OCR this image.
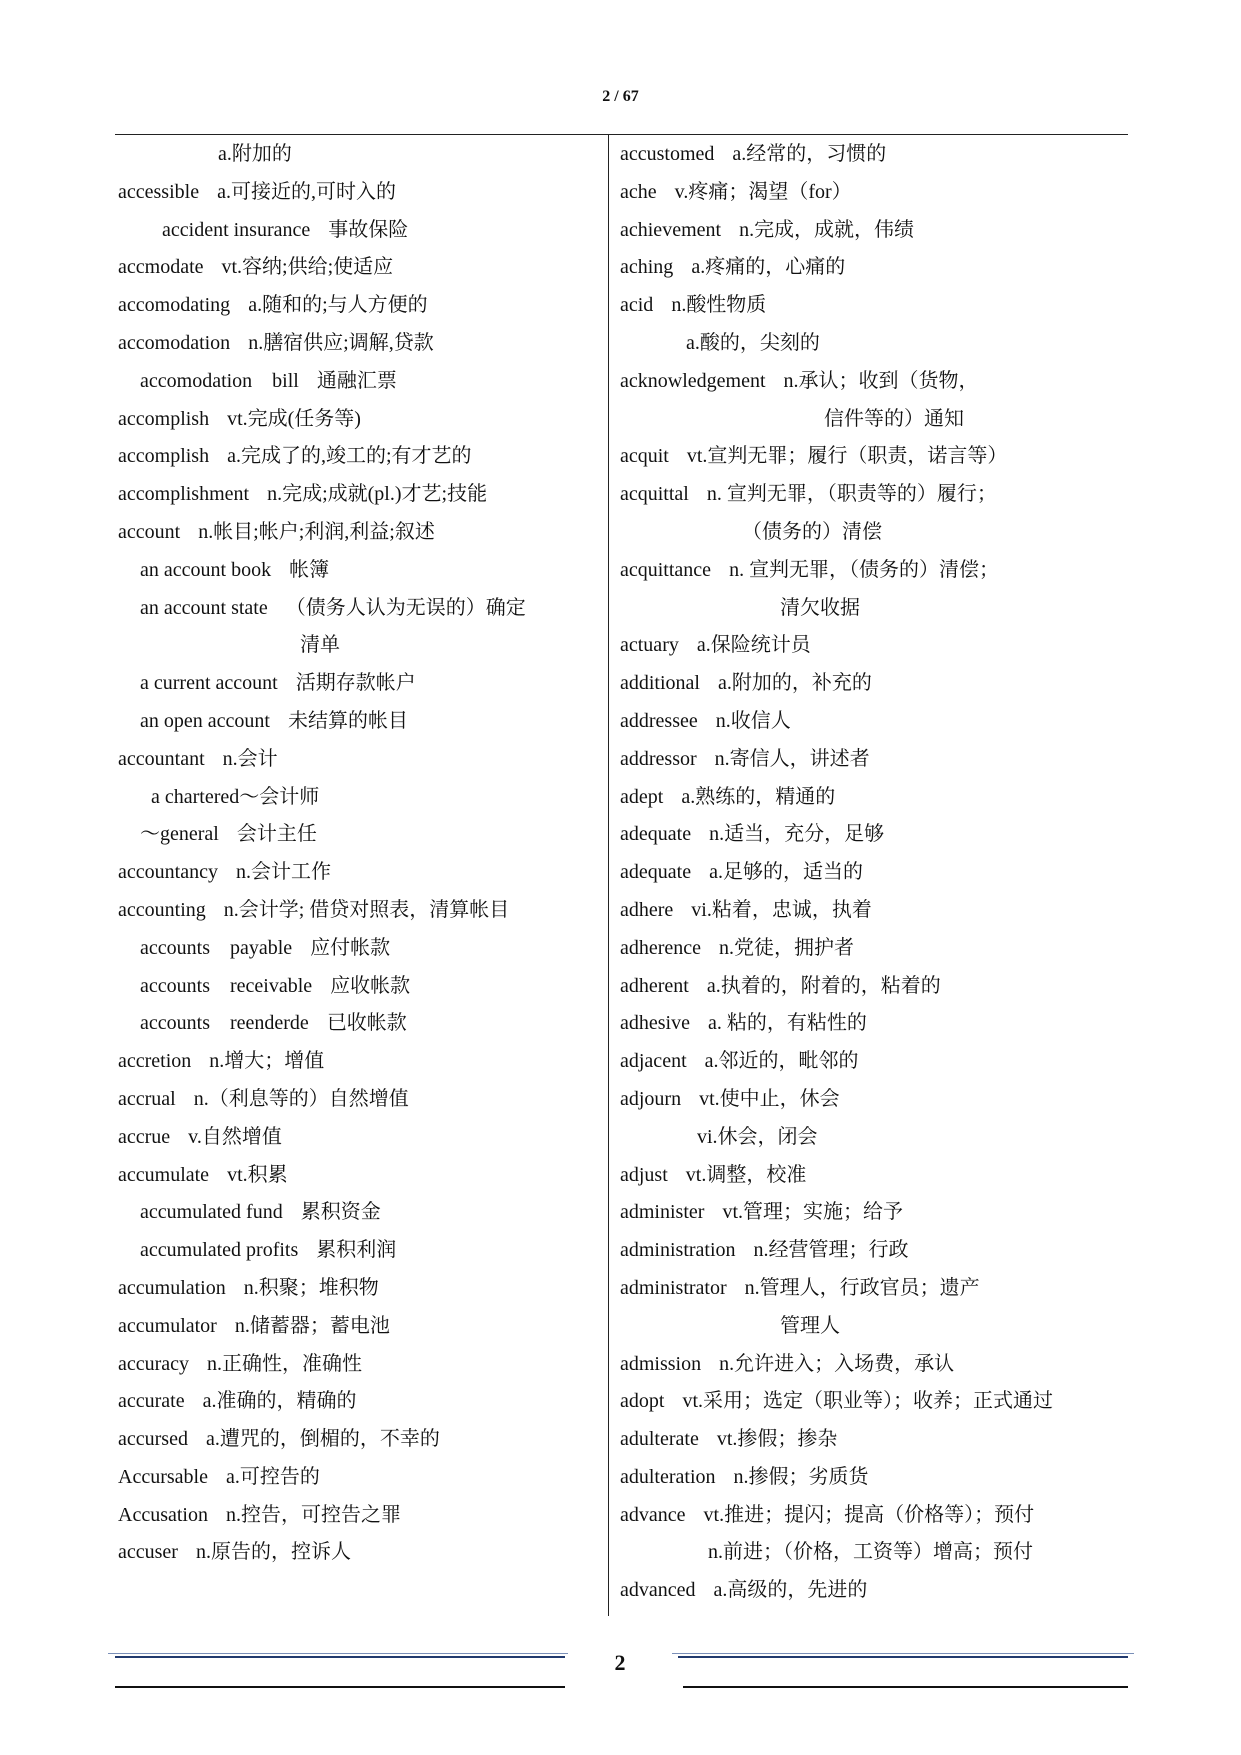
2 / 67
a.附加的
accessible a.可接近的,可时入的
accident insurance 事故保险
accmodate vt.容纳;供给;使适应
accomodating a.随和的;与人方便的
accomodation n.膳宿供应;调解,贷款
accomodation    bill 通融汇票
accomplish vt.完成(任务等)
accomplish a.完成了的,竣工的;有才艺的
accomplishment n.完成;成就(pl.)才艺;技能
account n.帐目;帐户;利润,利益;叙述
an account book 帐簿
an account state （债务人认为无误的）确定
清单
a current account 活期存款帐户
an open account 未结算的帐目
accountant n.会计
a chartered～会计师
～general 会计主任
accountancy n.会计工作
accounting n.会计学; 借贷对照表，清算帐目
accounts    payable 应付帐款
accounts    receivable 应收帐款
accounts    reenderde 已收帐款
accretion n.增大；增值
accrual n.（利息等的）自然增值
accrue v.自然增值
accumulate vt.积累
accumulated fund 累积资金
accumulated profits 累积利润
accumulation n.积聚；堆积物
accumulator n.储蓄器；蓄电池
accuracy n.正确性，准确性
accurate a.准确的，精确的
accursed a.遭咒的，倒楣的，不幸的
Accursable a.可控告的
Accusation n.控告，可控告之罪
accuser n.原告的，控诉人
accustomed a.经常的，习惯的
ache v.疼痛；渴望（for）
achievement n.完成，成就，伟绩
aching a.疼痛的，心痛的
acid n.酸性物质
a.酸的，尖刻的
acknowledgement n.承认；收到（货物，
信件等的）通知
acquit vt.宣判无罪；履行（职责，诺言等）
acquittal n. 宣判无罪，（职责等的）履行；
（债务的）清偿
acquittance n. 宣判无罪，（债务的）清偿；
清欠收据
actuary a.保险统计员
additional a.附加的，补充的
addressee n.收信人
addressor n.寄信人，讲述者
adept a.熟练的，精通的
adequate n.适当，充分，足够
adequate a.足够的，适当的
adhere vi.粘着，忠诚，执着
adherence n.党徒，拥护者
adherent a.执着的，附着的，粘着的
adhesive a. 粘的，有粘性的
adjacent a.邻近的，毗邻的
adjourn vt.使中止，休会
vi.休会，闭会
adjust vt.调整，校准
administer vt.管理；实施；给予
administration n.经营管理；行政
administrator n.管理人，行政官员；遗产
管理人
admission n.允许进入；入场费，承认
adopt vt.采用；选定（职业等）；收养；正式通过
adulterate vt.掺假；掺杂
adulteration n.掺假；劣质货
advance vt.推进；提闪；提高（价格等）；预付
n.前进；（价格，工资等）增高；预付
advanced a.高级的，先进的
2
